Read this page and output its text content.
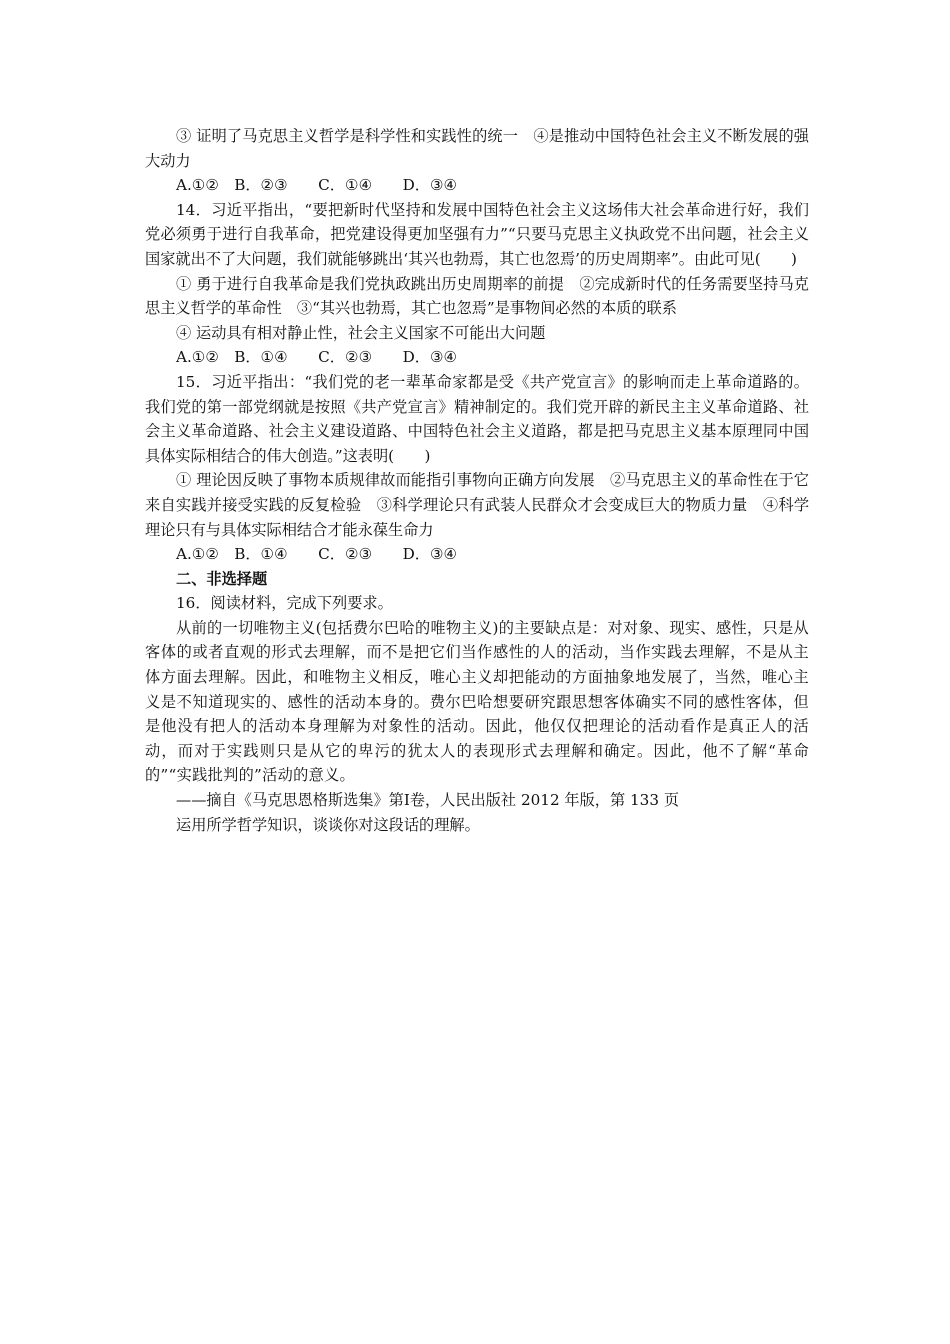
③ 证明了马克思主义哲学是科学性和实践性的统一　④是推动中国特色社会主义不断发展的强大动力

A.①②　B．②③　　C．①④　　D．③④

14．习近平指出，“要把新时代坚持和发展中国特色社会主义这场伟大社会革命进行好，我们党必须勇于进行自我革命，把党建设得更加坚强有力”“只要马克思主义执政党不出问题，社会主义国家就出不了大问题，我们就能够跳出‘其兴也勃焉，其亡也忽焉’的历史周期率”。由此可见(　　)

① 勇于进行自我革命是我们党执政跳出历史周期率的前提　②完成新时代的任务需要坚持马克思主义哲学的革命性　③“其兴也勃焉，其亡也忽焉”是事物间必然的本质的联系

④ 运动具有相对静止性，社会主义国家不可能出大问题

A.①②　B．①④　　C．②③　　D．③④

15．习近平指出：“我们党的老一辈革命家都是受《共产党宣言》的影响而走上革命道路的。我们党的第一部党纲就是按照《共产党宣言》精神制定的。我们党开辟的新民主主义革命道路、社会主义革命道路、社会主义建设道路、中国特色社会主义道路，都是把马克思主义基本原理同中国具体实际相结合的伟大创造。”这表明(　　)

① 理论因反映了事物本质规律故而能指引事物向正确方向发展　②马克思主义的革命性在于它来自实践并接受实践的反复检验　③科学理论只有武装人民群众才会变成巨大的物质力量　④科学理论只有与具体实际相结合才能永葆生命力

A.①②　B．①④　　C．②③　　D．③④

二、非选择题

16．阅读材料，完成下列要求。

从前的一切唯物主义(包括费尔巴哈的唯物主义)的主要缺点是：对对象、现实、感性，只是从客体的或者直观的形式去理解，而不是把它们当作感性的人的活动，当作实践去理解，不是从主体方面去理解。因此，和唯物主义相反，唯心主义却把能动的方面抽象地发展了，当然，唯心主义是不知道现实的、感性的活动本身的。费尔巴哈想要研究跟思想客体确实不同的感性客体，但是他没有把人的活动本身理解为对象性的活动。因此，他仅仅把理论的活动看作是真正人的活动，而对于实践则只是从它的卑污的犹太人的表现形式去理解和确定。因此，他不了解“革命的”“实践批判的”活动的意义。

——摘自《马克思恩格斯选集》第Ⅰ卷，人民出版社 2012 年版，第 133 页

运用所学哲学知识，谈谈你对这段话的理解。
